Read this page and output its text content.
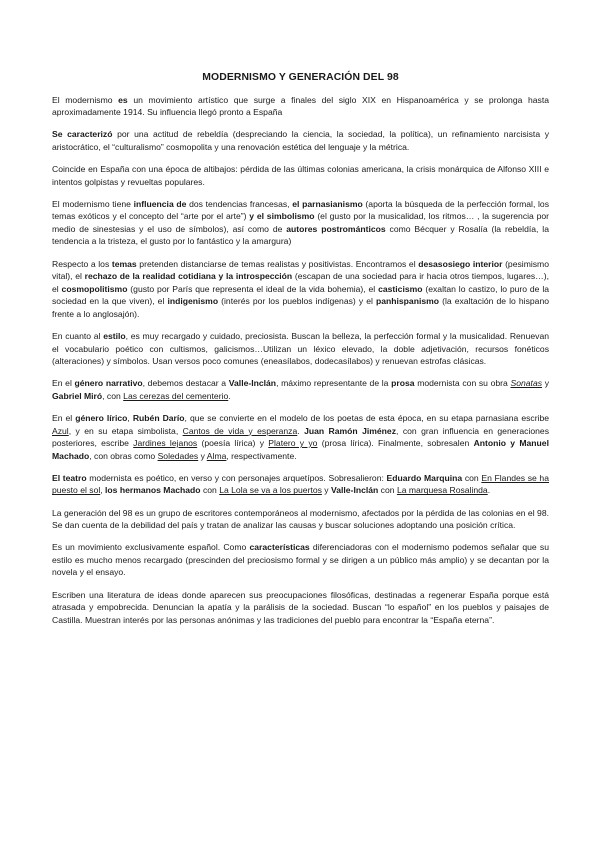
MODERNISMO Y GENERACIÓN DEL 98
El modernismo es un movimiento artístico que surge a finales del siglo XIX en Hispanoamérica y se prolonga hasta aproximadamente 1914. Su influencia llegó pronto a España
Se caracterizó por una actitud de rebeldía (despreciando la ciencia, la sociedad, la política), un refinamiento narcisista y aristocrático, el “culturalismo” cosmopolita y una renovación estética del lenguaje y la métrica.
Coincide en España con una época de altibajos: pérdida de las últimas colonias americana, la crisis monárquica de Alfonso XIII e intentos golpistas y revueltas populares.
El modernismo tiene influencia de dos tendencias francesas, el parnasianismo (aporta la búsqueda de la perfección formal, los temas exóticos y el concepto del “arte por el arte”) y el simbolismo (el gusto por la musicalidad, los ritmos… , la sugerencia por medio de sinestesias y el uso de símbolos), así como de autores postrománticos como Bécquer y Rosalía (la rebeldía, la tendencia a la tristeza, el gusto por lo fantástico y la amargura)
Respecto a los temas pretenden distanciarse de temas realistas y positivistas. Encontramos el desasosiego interior (pesimismo vital), el rechazo de la realidad cotidiana y la introspección (escapan de una sociedad para ir hacia otros tiempos, lugares…), el cosmopolitismo (gusto por París que representa el ideal de la vida bohemia), el casticismo (exaltan lo castizo, lo puro de la sociedad en la que viven), el indigenismo (interés por los pueblos indígenas) y el panhispanismo (la exaltación de lo hispano frente a lo anglosajón).
En cuanto al estilo, es muy recargado y cuidado, preciosista. Buscan la belleza, la perfección formal y la musicalidad. Renuevan el vocabulario poético con cultismos, galicismos…Utilizan un léxico elevado, la doble adjetivación, recursos fonéticos (alteraciones) y símbolos. Usan versos poco comunes (eneasílabos, dodecasílabos) y renuevan estrofas clásicas.
En el género narrativo, debemos destacar a Valle-Inclán, máximo representante de la prosa modernista con su obra Sonatas y Gabriel Miró, con Las cerezas del cementerio.
En el género lírico, Rubén Darío, que se convierte en el modelo de los poetas de esta época, en su etapa parnasiana escribe Azul, y en su etapa simbolista, Cantos de vida y esperanza. Juan Ramón Jiménez, con gran influencia en generaciones posteriores, escribe Jardines lejanos (poesía lírica) y Platero y yo (prosa lírica). Finalmente, sobresalen Antonio y Manuel Machado, con obras como Soledades y Alma, respectivamente.
El teatro modernista es poético, en verso y con personajes arquetípos. Sobresalieron: Eduardo Marquina con En Flandes se ha puesto el sol, los hermanos Machado con La Lola se va a los puertos y Valle-Inclán con La marquesa Rosalinda.
La generación del 98 es un grupo de escritores contemporáneos al modernismo, afectados por la pérdida de las colonias en el 98. Se dan cuenta de la debilidad del país y tratan de analizar las causas y buscar soluciones adoptando una posición crítica.
Es un movimiento exclusivamente español. Como características diferenciadoras con el modernismo podemos señalar que su estilo es mucho menos recargado (prescinden del preciosismo formal y se dirigen a un público más amplio) y se decantan por la novela y el ensayo.
Escriben una literatura de ideas donde aparecen sus preocupaciones filosóficas, destinadas a regenerar España porque está atrasada y empobrecida. Denuncian la apatía y la parálisis de la sociedad. Buscan “lo español” en los pueblos y paisajes de Castilla. Muestran interés por las personas anónimas y las tradiciones del pueblo para encontrar la “España eterna”.
